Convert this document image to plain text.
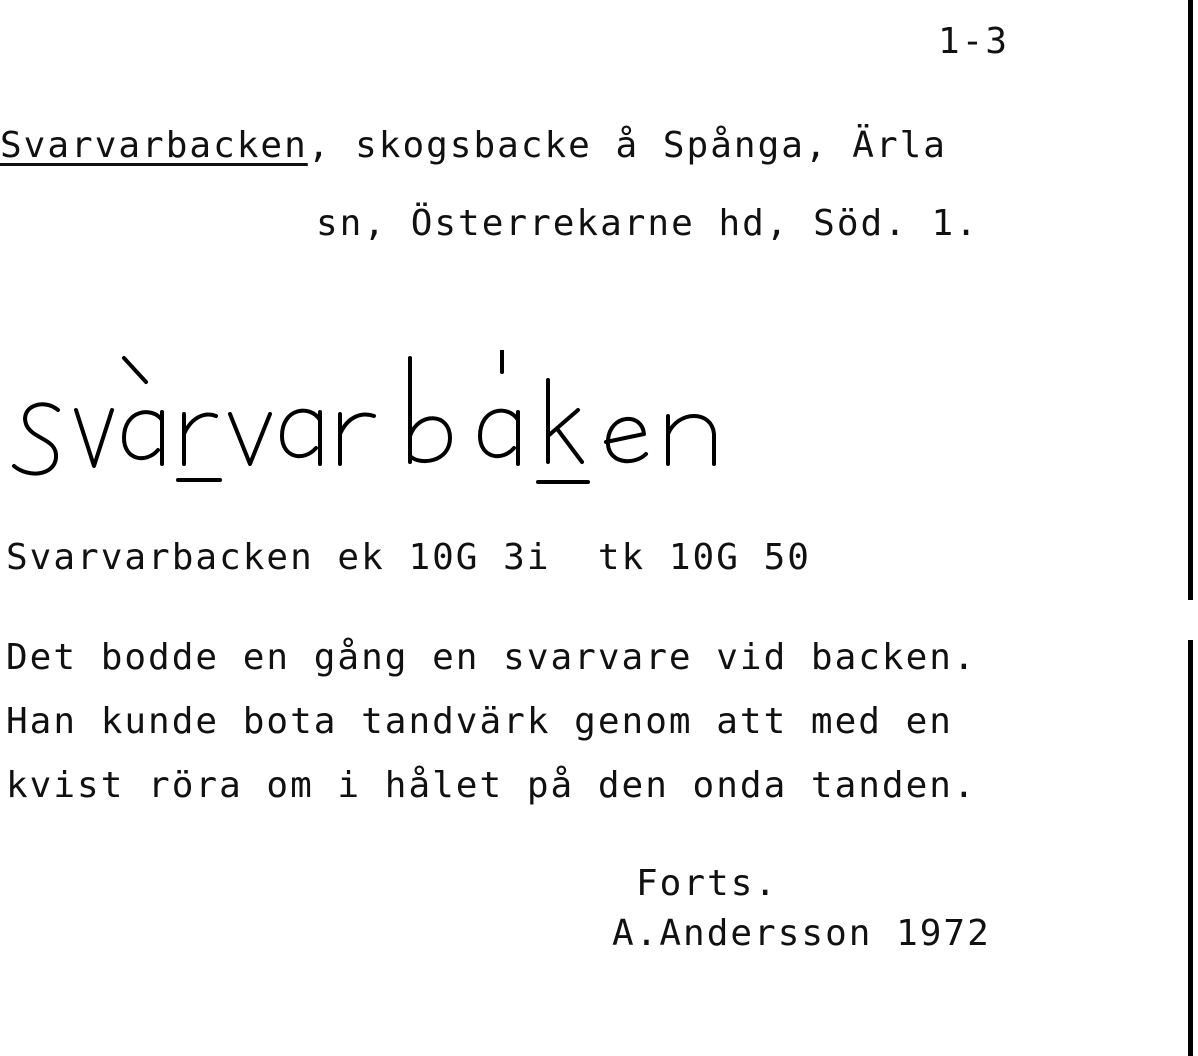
1-3
Svarvarbacken, skogsbacke å Spånga, Ärla
sn, Österrekarne hd, Söd. 1.
svàrvarbåken
Svarvarbacken ek 10G 3i  tk 10G 50
Det bodde en gång en svarvare vid backen.
Han kunde bota tandvärk genom att med en
kvist röra om i hålet på den onda tanden.
Forts.
A.Andersson 1972
